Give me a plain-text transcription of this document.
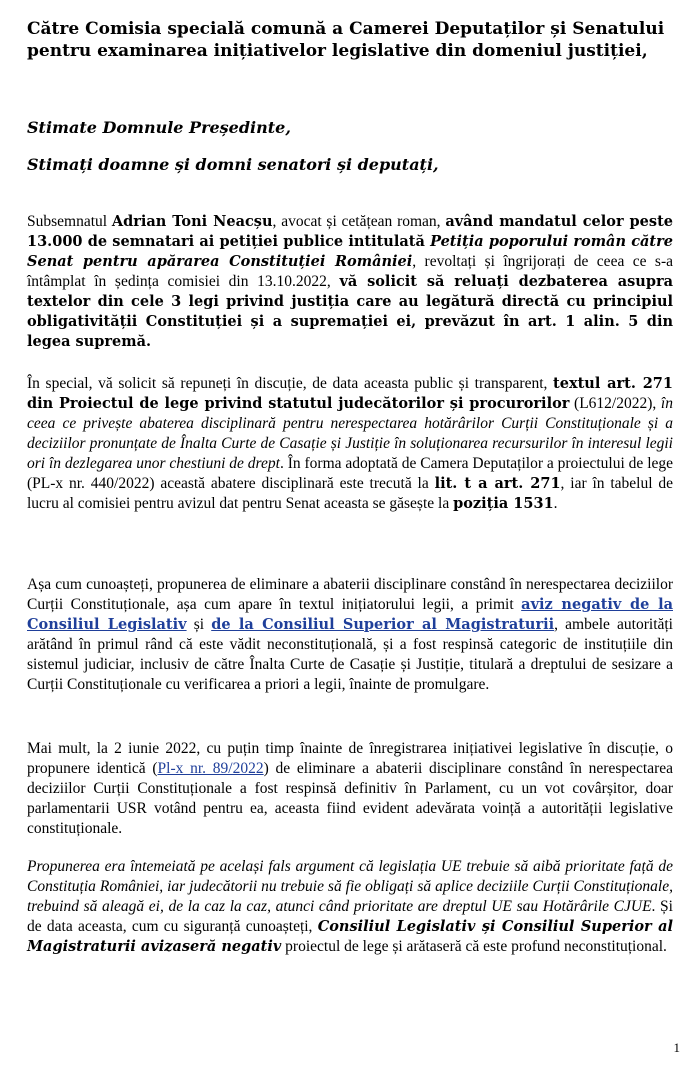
Către Comisia specială comună a Camerei Deputaților și Senatului
pentru examinarea inițiativelor legislative din domeniul justiției,

Stimate Domnule Președinte,

Stimați doamne și domni senatori și deputați,

Subsemnatul Adrian Toni Neacșu, avocat și cetățean roman, având mandatul celor peste 13.000 de semnatari ai petiției publice intitulată Petiția poporului român către Senat pentru apărarea Constituției României, revoltați și îngrijorați de ceea ce s-a întâmplat în ședința comisiei din 13.10.2022, vă solicit să reluați dezbaterea asupra textelor din cele 3 legi privind justiția care au legătură directă cu principiul obligativității Constituției și a supremației ei, prevăzut în art. 1 alin. 5 din legea supremă.

În special, vă solicit să repuneți în discuție, de data aceasta public și transparent, textul art. 271 din Proiectul de lege privind statutul judecătorilor și procurorilor (L612/2022), în ceea ce privește abaterea disciplinară pentru nerespectarea hotărârilor Curții Constituționale și a deciziilor pronunțate de Înalta Curte de Casație și Justiție în soluționarea recursurilor în interesul legii ori în dezlegarea unor chestiuni de drept. În forma adoptată de Camera Deputaților a proiectului de lege (PL-x nr. 440/2022) această abatere disciplinară este trecută la lit. t a art. 271, iar în tabelul de lucru al comisiei pentru avizul dat pentru Senat aceasta se găsește la poziția 1531.

Așa cum cunoașteți, propunerea de eliminare a abaterii disciplinare constând în nerespectarea deciziilor Curții Constituționale, așa cum apare în textul inițiatorului legii, a primit aviz negativ de la Consiliul Legislativ și de la Consiliul Superior al Magistraturii, ambele autorități arătând în primul rând că este vădit neconstituțională, și a fost respinsă categoric de instituțiile din sistemul judiciar, inclusiv de către Înalta Curte de Casație și Justiție, titulară a dreptului de sesizare a Curții Constituționale cu verificarea a priori a legii, înainte de promulgare.

Mai mult, la 2 iunie 2022, cu puțin timp înainte de înregistrarea inițiativei legislative în discuție, o propunere identică (Pl-x nr. 89/2022) de eliminare a abaterii disciplinare constând în nerespectarea deciziilor Curții Constituționale a fost respinsă definitiv în Parlament, cu un vot covârșitor, doar parlamentarii USR votând pentru ea, aceasta fiind evident adevărata voință a autorității legislative constituționale.

Propunerea era întemeiată pe același fals argument că legislația UE trebuie să aibă prioritate față de Constituția României, iar judecătorii nu trebuie să fie obligați să aplice deciziile Curții Constituționale, trebuind să aleagă ei, de la caz la caz, atunci când prioritate are dreptul UE sau Hotărârile CJUE. Și de data aceasta, cum cu siguranță cunoașteți, Consiliul Legislativ și Consiliul Superior al Magistraturii avizaseră negativ proiectul de lege și arătaseră că este profund neconstituțional.

1
